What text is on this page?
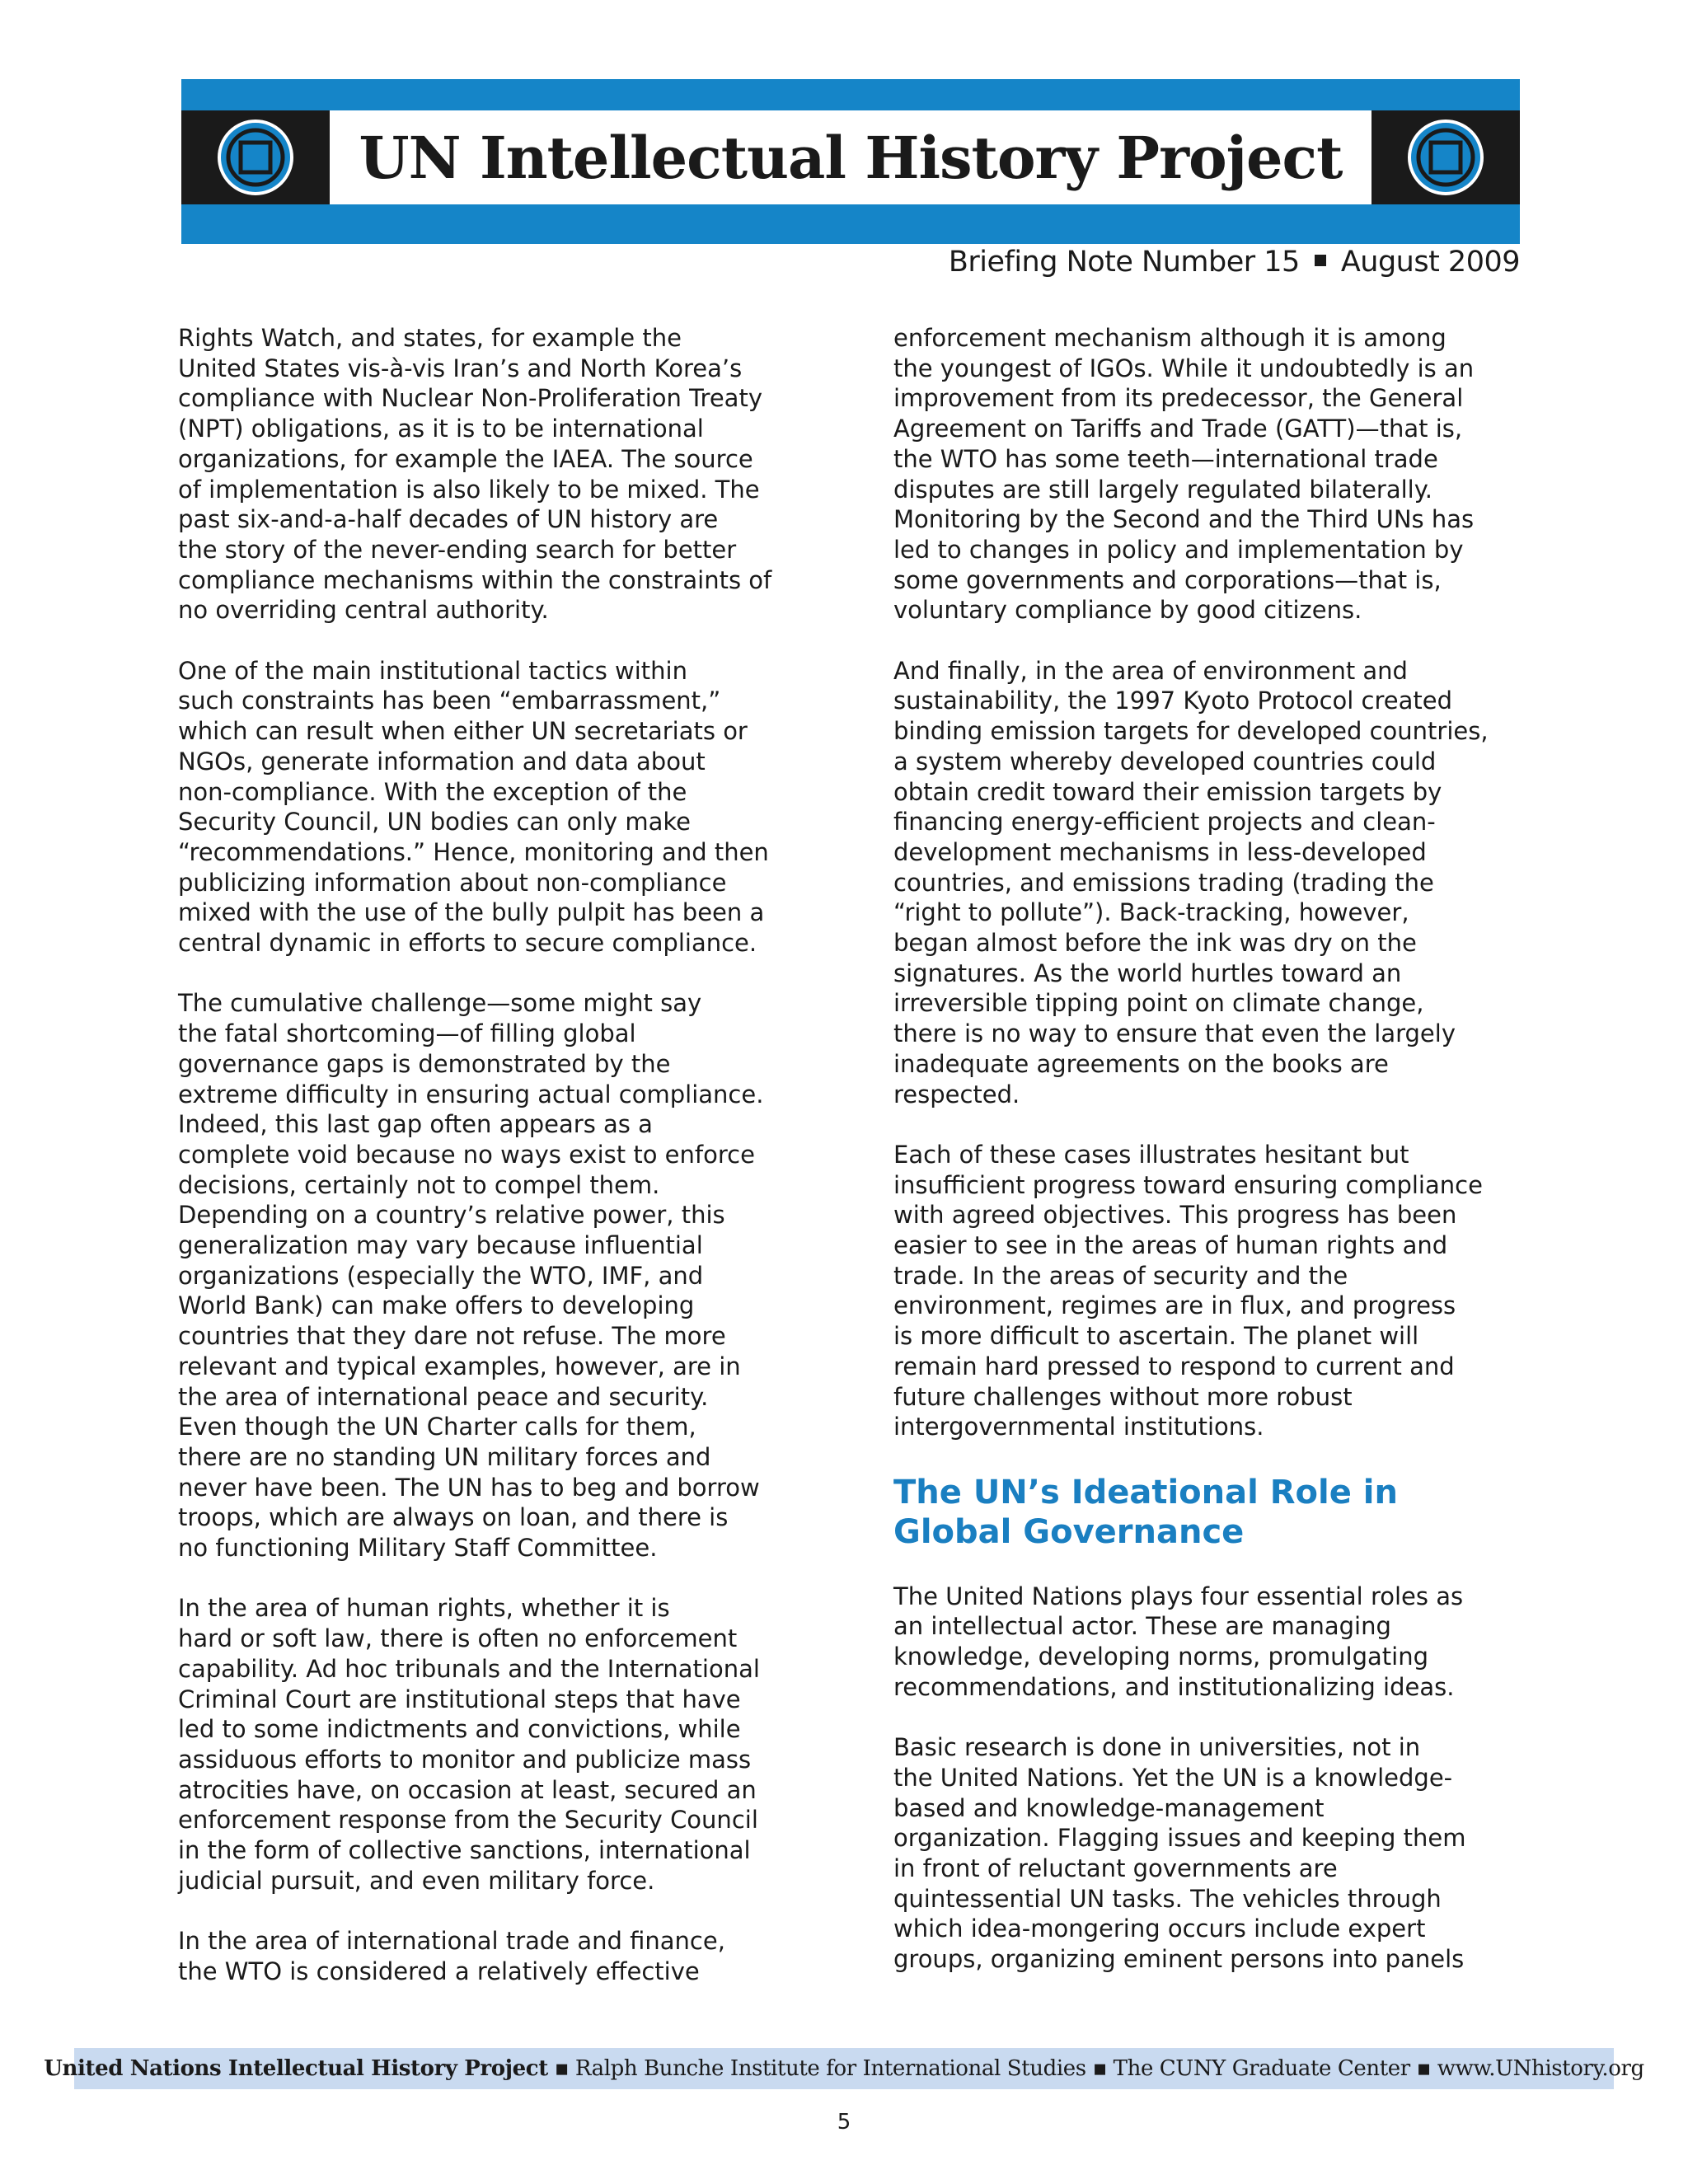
UN Intellectual History Project
Briefing Note Number 15 August 2009

Rights Watch, and states, for example the
United States vis-à-vis Iran’s and North Korea’s
compliance with Nuclear Non-Proliferation Treaty
(NPT) obligations, as it is to be international
organizations, for example the IAEA. The source
of implementation is also likely to be mixed. The
past six-and-a-half decades of UN history are
the story of the never-ending search for better
compliance mechanisms within the constraints of
no overriding central authority.

One of the main institutional tactics within
such constraints has been “embarrassment,”
which can result when either UN secretariats or
NGOs, generate information and data about
non-compliance. With the exception of the
Security Council, UN bodies can only make
“recommendations.” Hence, monitoring and then
publicizing information about non-compliance
mixed with the use of the bully pulpit has been a
central dynamic in efforts to secure compliance.

The cumulative challenge—some might say
the fatal shortcoming—of filling global
governance gaps is demonstrated by the
extreme difficulty in ensuring actual compliance.
Indeed, this last gap often appears as a
complete void because no ways exist to enforce
decisions, certainly not to compel them.
Depending on a country’s relative power, this
generalization may vary because influential
organizations (especially the WTO, IMF, and
World Bank) can make offers to developing
countries that they dare not refuse. The more
relevant and typical examples, however, are in
the area of international peace and security.
Even though the UN Charter calls for them,
there are no standing UN military forces and
never have been. The UN has to beg and borrow
troops, which are always on loan, and there is
no functioning Military Staff Committee.

In the area of human rights, whether it is
hard or soft law, there is often no enforcement
capability. Ad hoc tribunals and the International
Criminal Court are institutional steps that have
led to some indictments and convictions, while
assiduous efforts to monitor and publicize mass
atrocities have, on occasion at least, secured an
enforcement response from the Security Council
in the form of collective sanctions, international
judicial pursuit, and even military force.

In the area of international trade and finance,
the WTO is considered a relatively effective

enforcement mechanism although it is among
the youngest of IGOs. While it undoubtedly is an
improvement from its predecessor, the General
Agreement on Tariffs and Trade (GATT)—that is,
the WTO has some teeth—international trade
disputes are still largely regulated bilaterally.
Monitoring by the Second and the Third UNs has
led to changes in policy and implementation by
some governments and corporations—that is,
voluntary compliance by good citizens.

And finally, in the area of environment and
sustainability, the 1997 Kyoto Protocol created
binding emission targets for developed countries,
a system whereby developed countries could
obtain credit toward their emission targets by
financing energy-efficient projects and clean-
development mechanisms in less-developed
countries, and emissions trading (trading the
“right to pollute”). Back-tracking, however,
began almost before the ink was dry on the
signatures. As the world hurtles toward an
irreversible tipping point on climate change,
there is no way to ensure that even the largely
inadequate agreements on the books are
respected.

Each of these cases illustrates hesitant but
insufficient progress toward ensuring compliance
with agreed objectives. This progress has been
easier to see in the areas of human rights and
trade. In the areas of security and the
environment, regimes are in flux, and progress
is more difficult to ascertain. The planet will
remain hard pressed to respond to current and
future challenges without more robust
intergovernmental institutions.

The UN’s Ideational Role in
Global Governance

The United Nations plays four essential roles as
an intellectual actor. These are managing
knowledge, developing norms, promulgating
recommendations, and institutionalizing ideas.

Basic research is done in universities, not in
the United Nations. Yet the UN is a knowledge-
based and knowledge-management
organization. Flagging issues and keeping them
in front of reluctant governments are
quintessential UN tasks. The vehicles through
which idea-mongering occurs include expert
groups, organizing eminent persons into panels

United Nations Intellectual History Project
▪
Ralph Bunche Institute for International Studies
▪
The CUNY Graduate Center
▪
www.UNhistory.org
5
